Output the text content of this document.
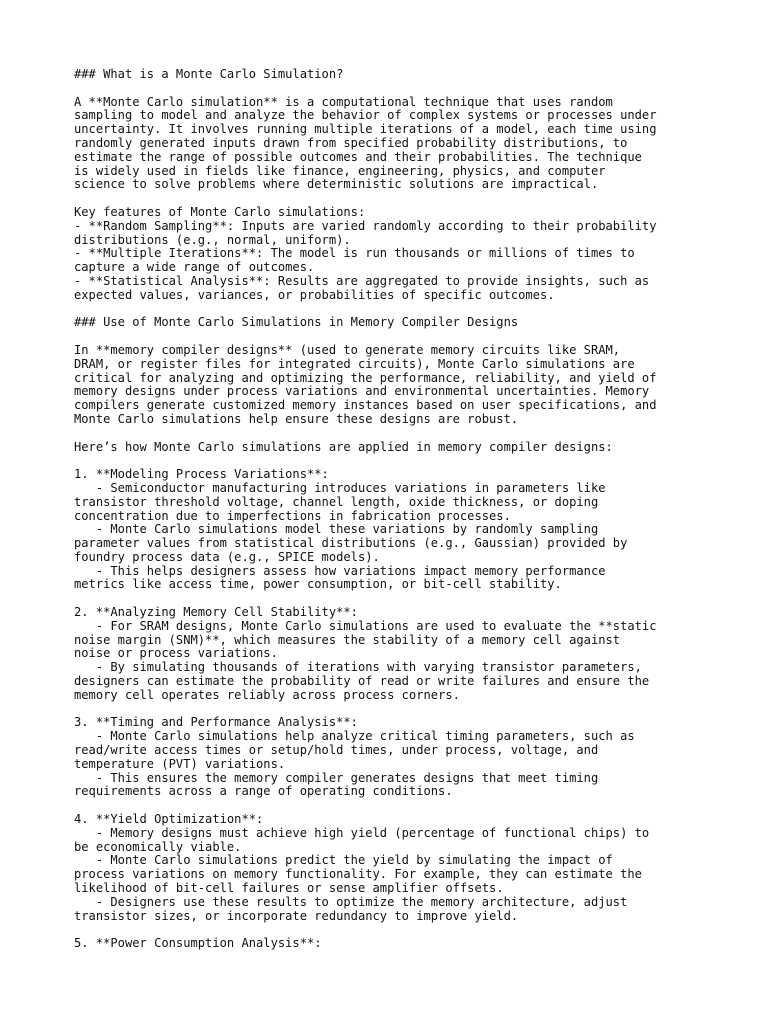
### What is a Monte Carlo Simulation?
A **Monte Carlo simulation** is a computational technique that uses random
sampling to model and analyze the behavior of complex systems or processes under
uncertainty. It involves running multiple iterations of a model, each time using
randomly generated inputs drawn from specified probability distributions, to
estimate the range of possible outcomes and their probabilities. The technique
is widely used in fields like finance, engineering, physics, and computer
science to solve problems where deterministic solutions are impractical.
Key features of Monte Carlo simulations:
- **Random Sampling**: Inputs are varied randomly according to their probability
distributions (e.g., normal, uniform).
- **Multiple Iterations**: The model is run thousands or millions of times to
capture a wide range of outcomes.
- **Statistical Analysis**: Results are aggregated to provide insights, such as
expected values, variances, or probabilities of specific outcomes.
### Use of Monte Carlo Simulations in Memory Compiler Designs
In **memory compiler designs** (used to generate memory circuits like SRAM,
DRAM, or register files for integrated circuits), Monte Carlo simulations are
critical for analyzing and optimizing the performance, reliability, and yield of
memory designs under process variations and environmental uncertainties. Memory
compilers generate customized memory instances based on user specifications, and
Monte Carlo simulations help ensure these designs are robust.
Here’s how Monte Carlo simulations are applied in memory compiler designs:
1. **Modeling Process Variations**:
- Semiconductor manufacturing introduces variations in parameters like
transistor threshold voltage, channel length, oxide thickness, or doping
concentration due to imperfections in fabrication processes.
- Monte Carlo simulations model these variations by randomly sampling
parameter values from statistical distributions (e.g., Gaussian) provided by
foundry process data (e.g., SPICE models).
- This helps designers assess how variations impact memory performance
metrics like access time, power consumption, or bit-cell stability.
2. **Analyzing Memory Cell Stability**:
- For SRAM designs, Monte Carlo simulations are used to evaluate the **static
noise margin (SNM)**, which measures the stability of a memory cell against
noise or process variations.
- By simulating thousands of iterations with varying transistor parameters,
designers can estimate the probability of read or write failures and ensure the
memory cell operates reliably across process corners.
3. **Timing and Performance Analysis**:
- Monte Carlo simulations help analyze critical timing parameters, such as
read/write access times or setup/hold times, under process, voltage, and
temperature (PVT) variations.
- This ensures the memory compiler generates designs that meet timing
requirements across a range of operating conditions.
4. **Yield Optimization**:
- Memory designs must achieve high yield (percentage of functional chips) to
be economically viable.
- Monte Carlo simulations predict the yield by simulating the impact of
process variations on memory functionality. For example, they can estimate the
likelihood of bit-cell failures or sense amplifier offsets.
- Designers use these results to optimize the memory architecture, adjust
transistor sizes, or incorporate redundancy to improve yield.
5. **Power Consumption Analysis**:
